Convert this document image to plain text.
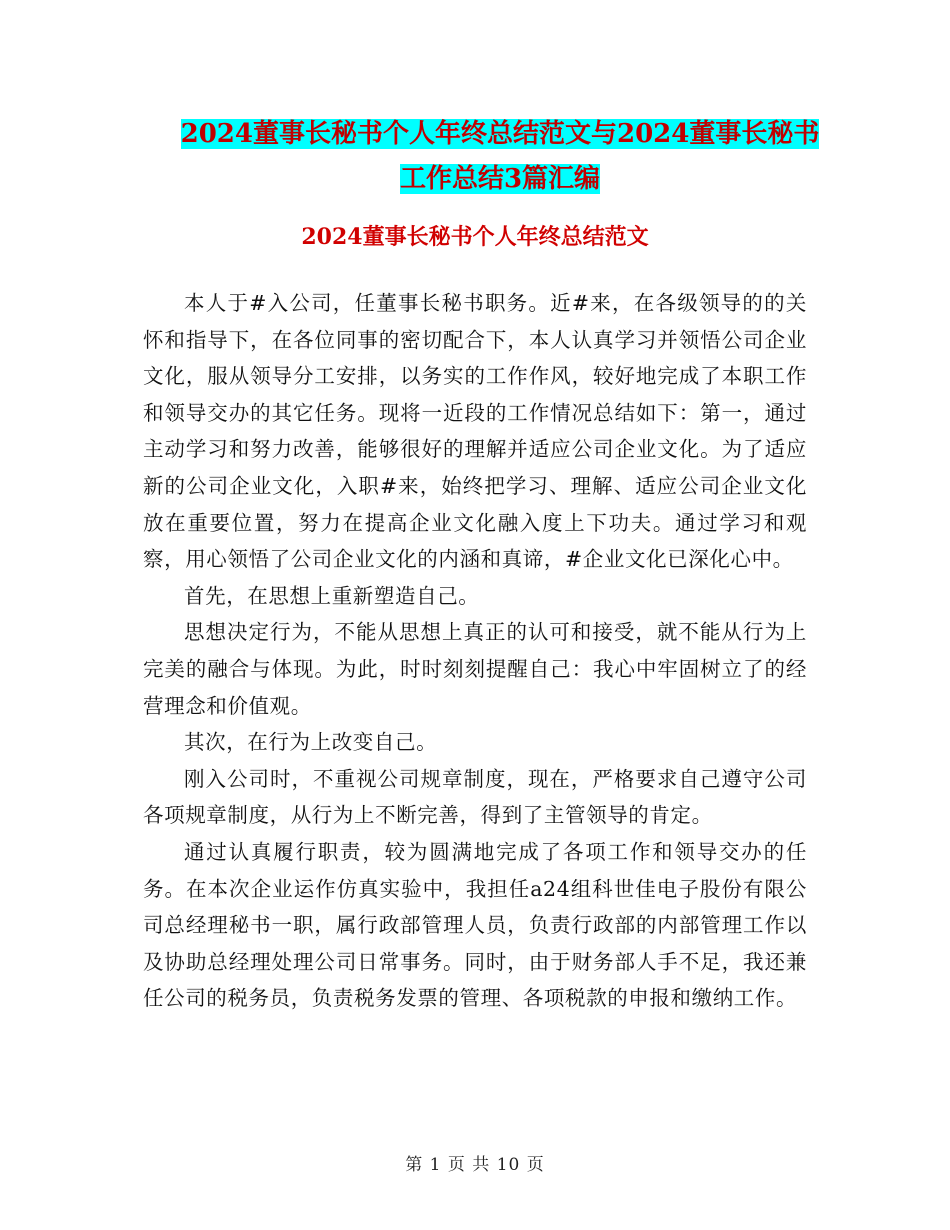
2024董事长秘书个人年终总结范文与2024董事长秘书
工作总结3篇汇编
2024董事长秘书个人年终总结范文

本人于#入公司，任董事长秘书职务。近#来，在各级领导的的关怀和指导下，在各位同事的密切配合下，本人认真学习并领悟公司企业文化，服从领导分工安排，以务实的工作作风，较好地完成了本职工作和领导交办的其它任务。现将一近段的工作情况总结如下：第一，通过主动学习和努力改善，能够很好的理解并适应公司企业文化。为了适应新的公司企业文化，入职#来，始终把学习、理解、适应公司企业文化放在重要位置，努力在提高企业文化融入度上下功夫。通过学习和观察，用心领悟了公司企业文化的内涵和真谛，#企业文化已深化心中。

首先，在思想上重新塑造自己。

思想决定行为，不能从思想上真正的认可和接受，就不能从行为上完美的融合与体现。为此，时时刻刻提醒自己：我心中牢固树立了的经营理念和价值观。

其次，在行为上改变自己。

刚入公司时，不重视公司规章制度，现在，严格要求自己遵守公司各项规章制度，从行为上不断完善，得到了主管领导的肯定。

通过认真履行职责，较为圆满地完成了各项工作和领导交办的任务。在本次企业运作仿真实验中，我担任a24组科世佳电子股份有限公司总经理秘书一职，属行政部管理人员，负责行政部的内部管理工作以及协助总经理处理公司日常事务。同时，由于财务部人手不足，我还兼任公司的税务员，负责税务发票的管理、各项税款的申报和缴纳工作。

第 1 页 共 10 页
